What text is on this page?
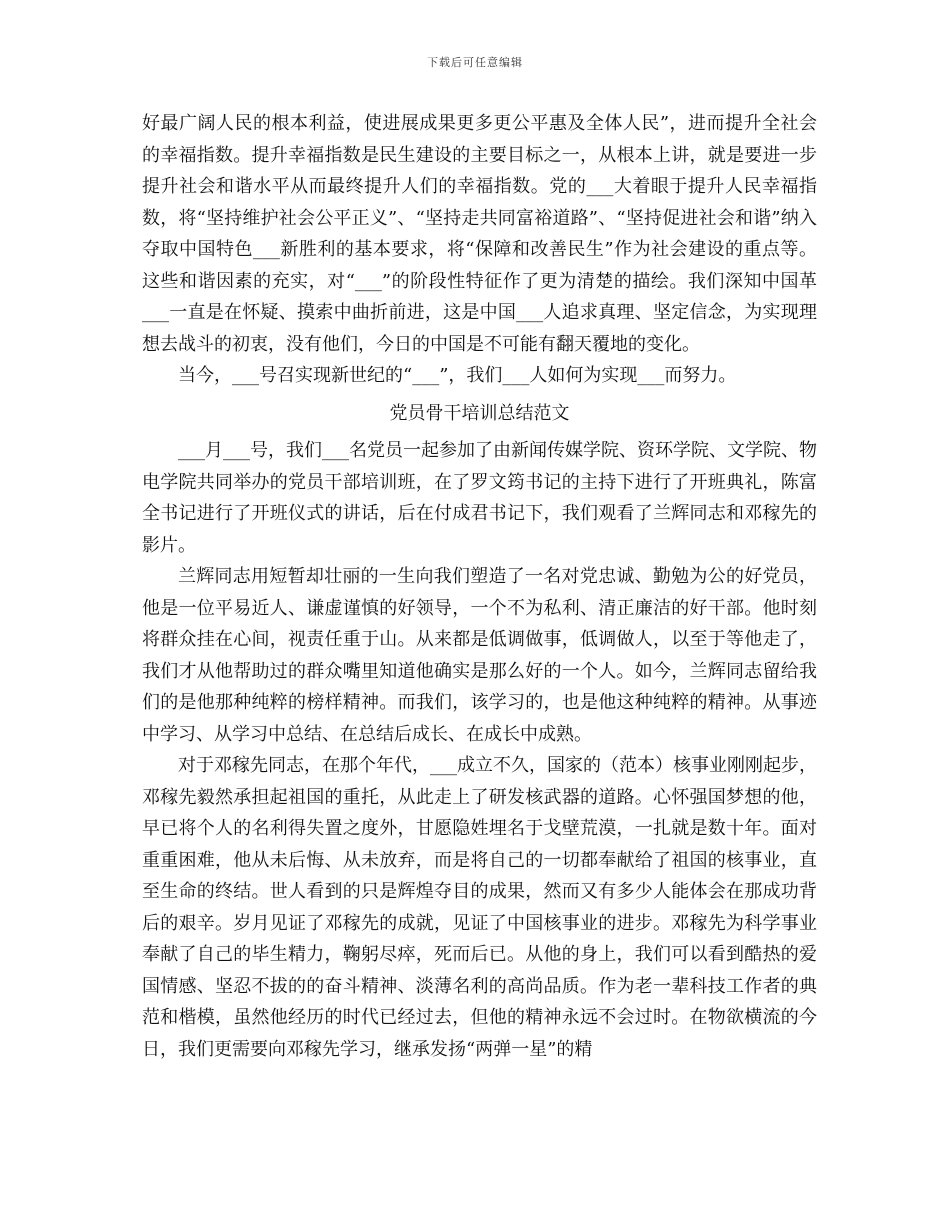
下载后可任意编辑

好最广阔人民的根本利益，使进展成果更多更公平惠及全体人民”，进而提升全社会的幸福指数。提升幸福指数是民生建设的主要目标之一，从根本上讲，就是要进一步提升社会和谐水平从而最终提升人们的幸福指数。党的___大着眼于提升人民幸福指数，将“坚持维护社会公平正义”、“坚持走共同富裕道路”、“坚持促进社会和谐”纳入夺取中国特色___新胜利的基本要求，将“保障和改善民生”作为社会建设的重点等。这些和谐因素的充实，对“___”的阶段性特征作了更为清楚的描绘。我们深知中国革___一直是在怀疑、摸索中曲折前进，这是中国___人追求真理、坚定信念，为实现理想去战斗的初衷，没有他们，今日的中国是不可能有翻天覆地的变化。

当今，___号召实现新世纪的“___”，我们___人如何为实现___而努力。

党员骨干培训总结范文

___月___号，我们___名党员一起参加了由新闻传媒学院、资环学院、文学院、物电学院共同举办的党员干部培训班，在了罗文筠书记的主持下进行了开班典礼，陈富全书记进行了开班仪式的讲话，后在付成君书记下，我们观看了兰辉同志和邓稼先的影片。

兰辉同志用短暂却壮丽的一生向我们塑造了一名对党忠诚、勤勉为公的好党员，他是一位平易近人、谦虚谨慎的好领导，一个不为私利、清正廉洁的好干部。他时刻将群众挂在心间，视责任重于山。从来都是低调做事，低调做人，以至于等他走了，我们才从他帮助过的群众嘴里知道他确实是那么好的一个人。如今，兰辉同志留给我们的是他那种纯粹的榜样精神。而我们，该学习的，也是他这种纯粹的精神。从事迹中学习、从学习中总结、在总结后成长、在成长中成熟。

对于邓稼先同志，在那个年代，___成立不久，国家的（范本）核事业刚刚起步，邓稼先毅然承担起祖国的重托，从此走上了研发核武器的道路。心怀强国梦想的他，早已将个人的名利得失置之度外，甘愿隐姓埋名于戈壁荒漠，一扎就是数十年。面对重重困难，他从未后悔、从未放弃，而是将自己的一切都奉献给了祖国的核事业，直至生命的终结。世人看到的只是辉煌夺目的成果，然而又有多少人能体会在那成功背后的艰辛。岁月见证了邓稼先的成就，见证了中国核事业的进步。邓稼先为科学事业奉献了自己的毕生精力，鞠躬尽瘁，死而后已。从他的身上，我们可以看到酷热的爱国情感、坚忍不拔的的奋斗精神、淡薄名利的高尚品质。作为老一辈科技工作者的典范和楷模，虽然他经历的时代已经过去，但他的精神永远不会过时。在物欲横流的今日，我们更需要向邓稼先学习，继承发扬“两弹一星”的精
